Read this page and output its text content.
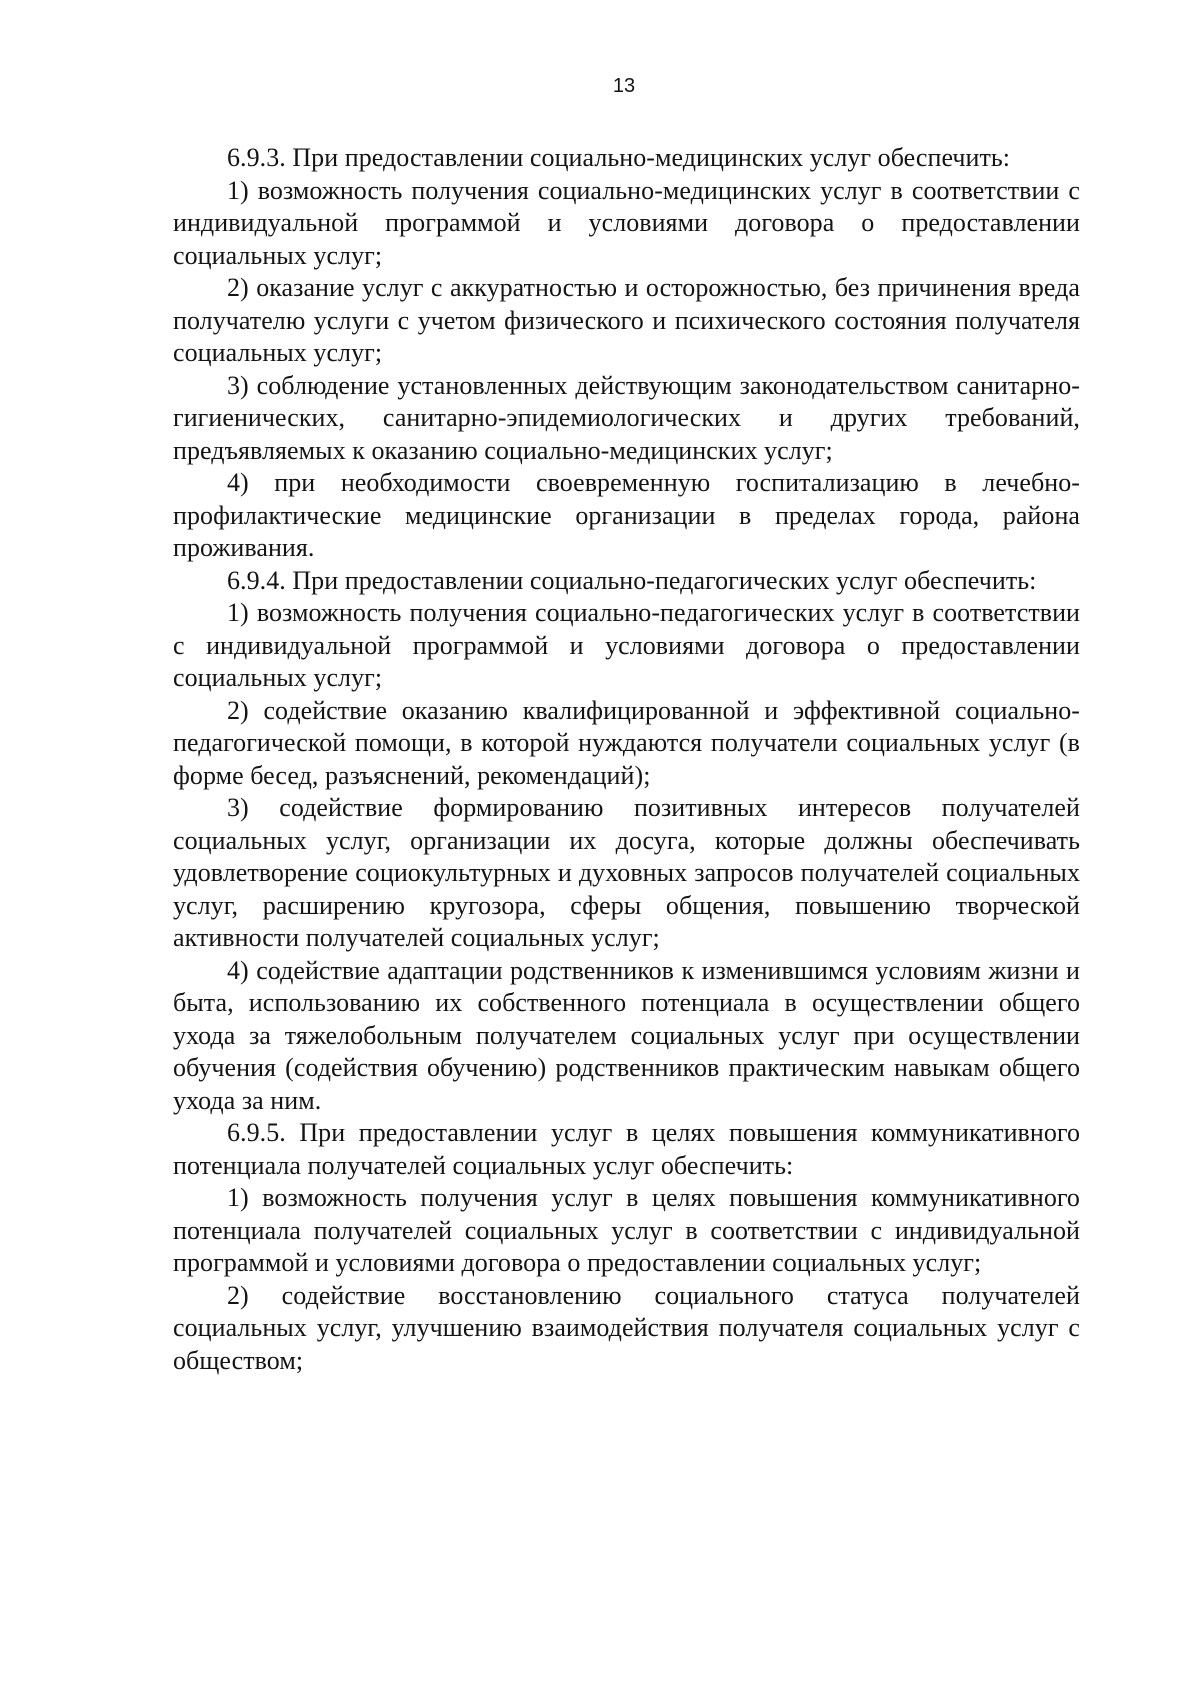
13

6.9.3. При предоставлении социально-медицинских услуг обеспечить:

1) возможность получения социально-медицинских услуг в соответствии с индивидуальной программой и условиями договора о предоставлении социальных услуг;

2) оказание услуг с аккуратностью и осторожностью, без причинения вреда получателю услуги с учетом физического и психического состояния получателя социальных услуг;

3) соблюдение установленных действующим законодательством санитарно-гигиенических, санитарно-эпидемиологических и других требований, предъявляемых к оказанию социально-медицинских услуг;

4) при необходимости своевременную госпитализацию в лечебно-профилактические медицинские организации в пределах города, района проживания.

6.9.4. При предоставлении социально-педагогических услуг обеспечить:

1) возможность получения социально-педагогических услуг в соответствии с индивидуальной программой и условиями договора о предоставлении социальных услуг;

2) содействие оказанию квалифицированной и эффективной социально-педагогической помощи, в которой нуждаются получатели социальных услуг (в форме бесед, разъяснений, рекомендаций);

3) содействие формированию позитивных интересов получателей социальных услуг, организации их досуга, которые должны обеспечивать удовлетворение социокультурных и духовных запросов получателей социальных услуг, расширению кругозора, сферы общения, повышению творческой активности получателей социальных услуг;

4) содействие адаптации родственников к изменившимся условиям жизни и быта, использованию их собственного потенциала в осуществлении общего ухода за тяжелобольным получателем социальных услуг при осуществлении обучения (содействия обучению) родственников практическим навыкам общего ухода за ним.

6.9.5. При предоставлении услуг в целях повышения коммуникативного потенциала получателей социальных услуг обеспечить:

1) возможность получения услуг в целях повышения коммуникативного потенциала получателей социальных услуг в соответствии с индивидуальной программой и условиями договора о предоставлении социальных услуг;

2) содействие восстановлению социального статуса получателей социальных услуг, улучшению взаимодействия получателя социальных услуг с обществом;
